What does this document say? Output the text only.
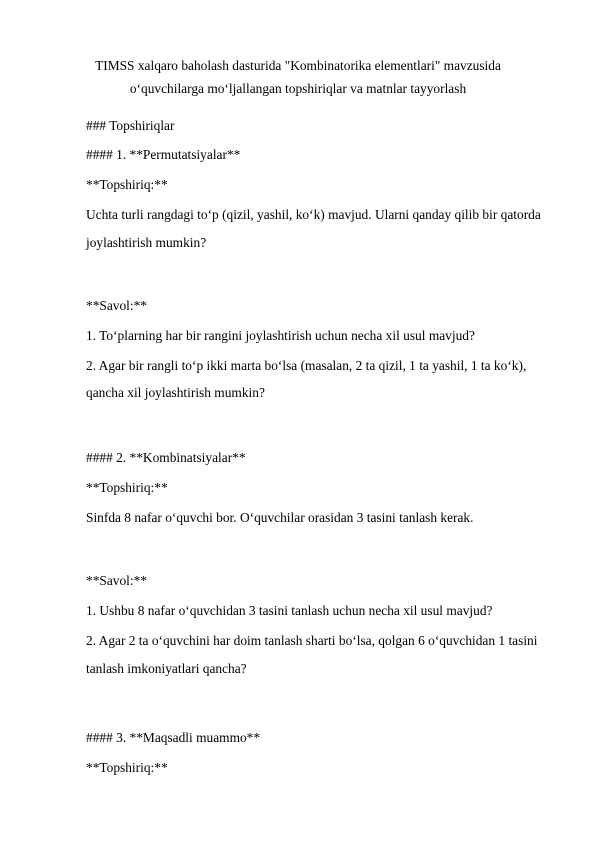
TIMSS xalqaro baholash dasturida "Kombinatorika elementlari" mavzusida
o‘quvchilarga mo‘ljallangan topshiriqlar va matnlar tayyorlash
### Topshiriqlar
#### 1. **Permutatsiyalar**
**Topshiriq:**
Uchta turli rangdagi to‘p (qizil, yashil, ko‘k) mavjud. Ularni qanday qilib bir qatorda
joylashtirish mumkin?
**Savol:**
1. To‘plarning har bir rangini joylashtirish uchun necha xil usul mavjud?
2. Agar bir rangli to‘p ikki marta bo‘lsa (masalan, 2 ta qizil, 1 ta yashil, 1 ta ko‘k),
qancha xil joylashtirish mumkin?
#### 2. **Kombinatsiyalar**
**Topshiriq:**
Sinfda 8 nafar o‘quvchi bor. O‘quvchilar orasidan 3 tasini tanlash kerak.
**Savol:**
1. Ushbu 8 nafar o‘quvchidan 3 tasini tanlash uchun necha xil usul mavjud?
2. Agar 2 ta o‘quvchini har doim tanlash sharti bo‘lsa, qolgan 6 o‘quvchidan 1 tasini
tanlash imkoniyatlari qancha?
#### 3. **Maqsadli muammo**
**Topshiriq:**
